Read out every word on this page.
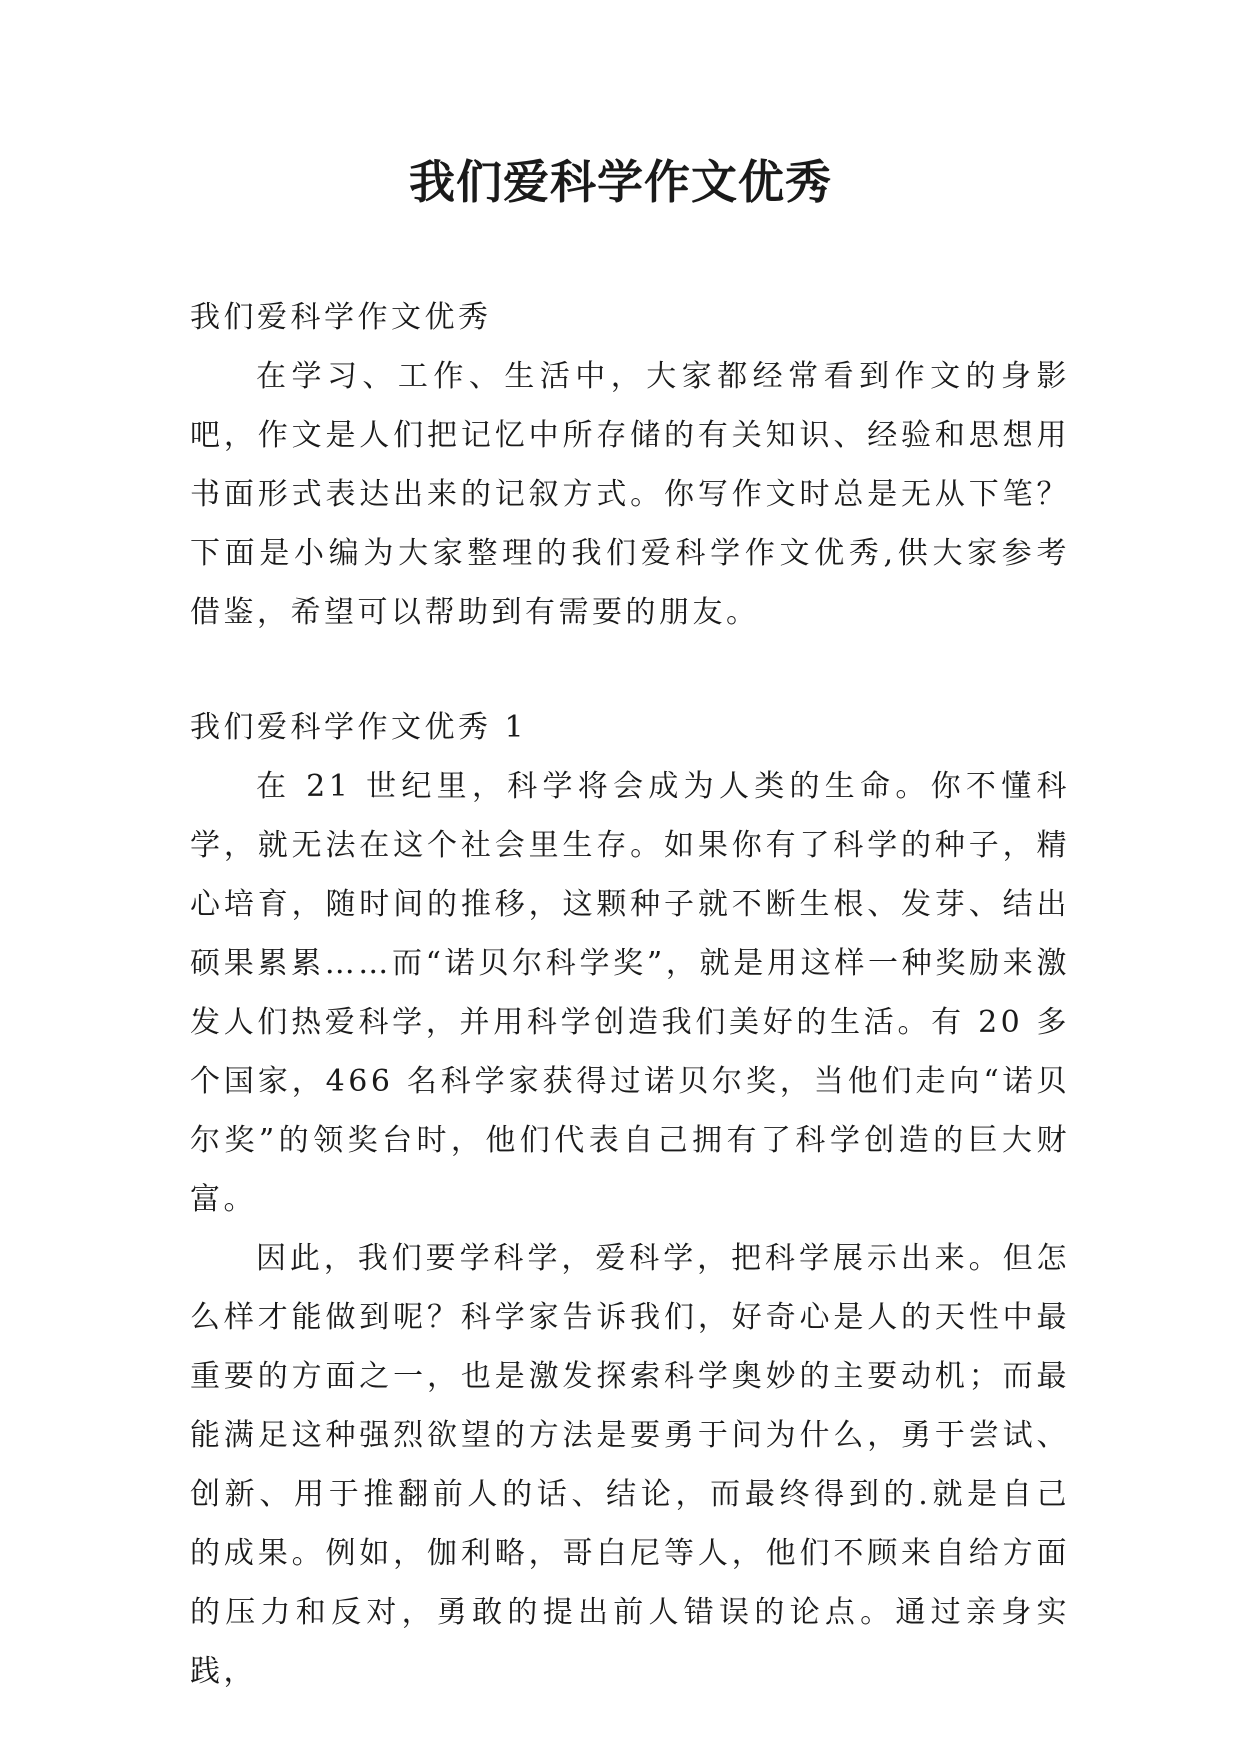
我们爱科学作文优秀

我们爱科学作文优秀

在学习、工作、生活中，大家都经常看到作文的身影吧，作文是人们把记忆中所存储的有关知识、经验和思想用书面形式表达出来的记叙方式。你写作文时总是无从下笔？下面是小编为大家整理的我们爱科学作文优秀,供大家参考借鉴，希望可以帮助到有需要的朋友。

我们爱科学作文优秀 1

在 21 世纪里，科学将会成为人类的生命。你不懂科学，就无法在这个社会里生存。如果你有了科学的种子，精心培育，随时间的推移，这颗种子就不断生根、发芽、结出硕果累累……而“诺贝尔科学奖”，就是用这样一种奖励来激发人们热爱科学，并用科学创造我们美好的生活。有 20 多个国家，466 名科学家获得过诺贝尔奖，当他们走向“诺贝尔奖”的领奖台时，他们代表自己拥有了科学创造的巨大财富。

因此，我们要学科学，爱科学，把科学展示出来。但怎么样才能做到呢？科学家告诉我们，好奇心是人的天性中最重要的方面之一，也是激发探索科学奥妙的主要动机；而最能满足这种强烈欲望的方法是要勇于问为什么，勇于尝试、创新、用于推翻前人的话、结论，而最终得到的.就是自己的成果。例如，伽利略，哥白尼等人，他们不顾来自给方面的压力和反对，勇敢的提出前人错误的论点。通过亲身实践，
